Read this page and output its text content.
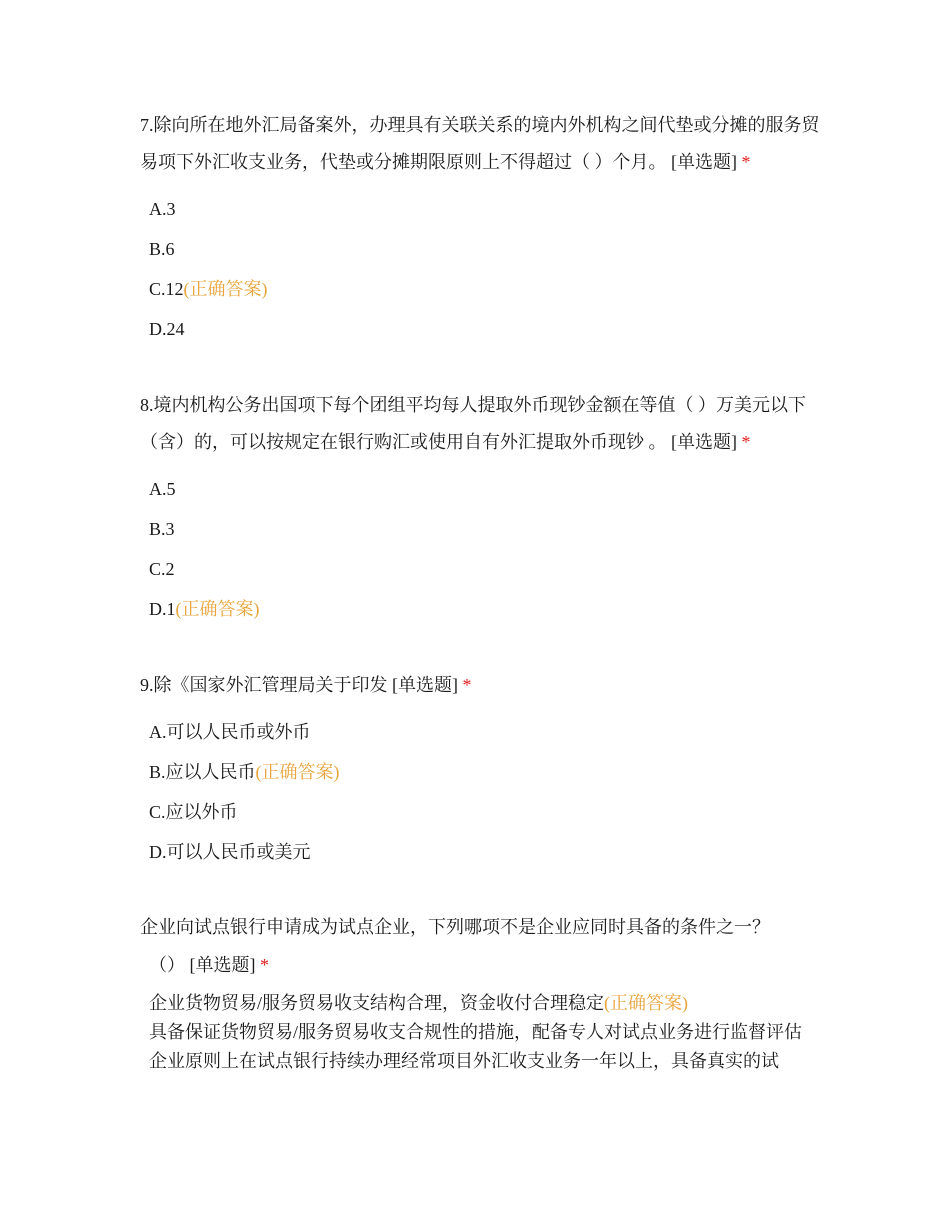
7.除向所在地外汇局备案外，办理具有关联关系的境内外机构之间代垫或分摊的服务贸易项下外汇收支业务，代垫或分摊期限原则上不得超过（ ）个月。 [单选题] *

A.3
B.6
C.12(正确答案)
D.24

8.境内机构公务出国项下每个团组平均每人提取外币现钞金额在等值（ ）万美元以下（含）的，可以按规定在银行购汇或使用自有外汇提取外币现钞 。 [单选题] *

A.5
B.3
C.2
D.1(正确答案)

9.除《国家外汇管理局关于印发 [单选题] *

A.可以人民币或外币
B.应以人民币(正确答案)
C.应以外币
D.可以人民币或美元

企业向试点银行申请成为试点企业，下列哪项不是企业应同时具备的条件之一？
（） [单选题] *

企业货物贸易/服务贸易收支结构合理，资金收付合理稳定(正确答案)
具备保证货物贸易/服务贸易收支合规性的措施，配备专人对试点业务进行监督评估
企业原则上在试点银行持续办理经常项目外汇收支业务一年以上，具备真实的试
